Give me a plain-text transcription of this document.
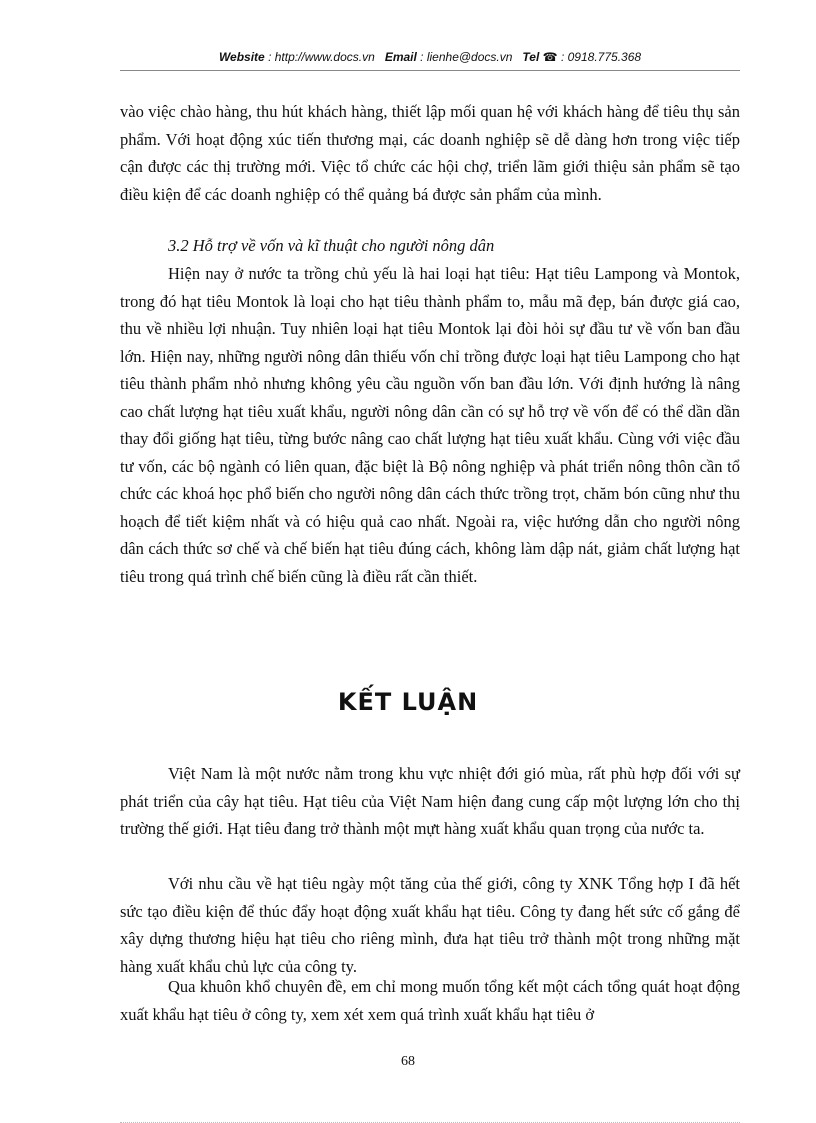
Website : http://www.docs.vn Email : lienhe@docs.vn Tel ☎ : 0918.775.368

vào việc chào hàng, thu hút khách hàng, thiết lập mối quan hệ với khách hàng để tiêu thụ sản phẩm. Với hoạt động xúc tiến thương mại, các doanh nghiệp sẽ dễ dàng hơn trong việc tiếp cận được các thị trường mới. Việc tổ chức các hội chợ, triển lãm giới thiệu sản phẩm sẽ tạo điều kiện để các doanh nghiệp có thể quảng bá được sản phẩm của mình.

3.2 Hỗ trợ về vốn và kĩ thuật cho người nông dân

Hiện nay ở nước ta trồng chủ yếu là hai loại hạt tiêu: Hạt tiêu Lampong và Montok, trong đó hạt tiêu Montok là loại cho hạt tiêu thành phẩm to, mẫu mã đẹp, bán được giá cao, thu về nhiều lợi nhuận. Tuy nhiên loại hạt tiêu Montok lại đòi hỏi sự đầu tư về vốn ban đầu lớn. Hiện nay, những người nông dân thiếu vốn chỉ trồng được loại hạt tiêu Lampong cho hạt tiêu thành phẩm nhỏ nhưng không yêu cầu nguồn vốn ban đầu lớn. Với định hướng là nâng cao chất lượng hạt tiêu xuất khẩu, người nông dân cần có sự hỗ trợ về vốn để có thể dần dần thay đổi giống hạt tiêu, từng bước nâng cao chất lượng hạt tiêu xuất khẩu. Cùng với việc đầu tư vốn, các bộ ngành có liên quan, đặc biệt là Bộ nông nghiệp và phát triển nông thôn cần tổ chức các khoá học phổ biến cho người nông dân cách thức trồng trọt, chăm bón cũng như thu hoạch để tiết kiệm nhất và có hiệu quả cao nhất. Ngoài ra, việc hướng dẫn cho người nông dân cách thức sơ chế và chế biến hạt tiêu đúng cách, không làm dập nát, giảm chất lượng hạt tiêu trong quá trình chế biến cũng là điều rất cần thiết.

KẾT LUẬN

Việt Nam là một nước nằm trong khu vực nhiệt đới gió mùa, rất phù hợp đối với sự phát triển của cây hạt tiêu. Hạt tiêu của Việt Nam hiện đang cung cấp một lượng lớn cho thị trường thế giới. Hạt tiêu đang trở thành một mựt hàng xuất khẩu quan trọng của nước ta.

Với nhu cầu về hạt tiêu ngày một tăng của thế giới, công ty XNK Tổng hợp I đã hết sức tạo điều kiện để thúc đẩy hoạt động xuất khẩu hạt tiêu. Công ty đang hết sức cố gắng để xây dựng thương hiệu hạt tiêu cho riêng mình, đưa hạt tiêu trở thành một trong những mặt hàng xuất khẩu chủ lực của công ty.

Qua khuôn khổ chuyên đề, em chỉ mong muốn tổng kết một cách tổng quát hoạt động xuất khẩu hạt tiêu ở công ty, xem xét xem quá trình xuất khẩu hạt tiêu ở

68
